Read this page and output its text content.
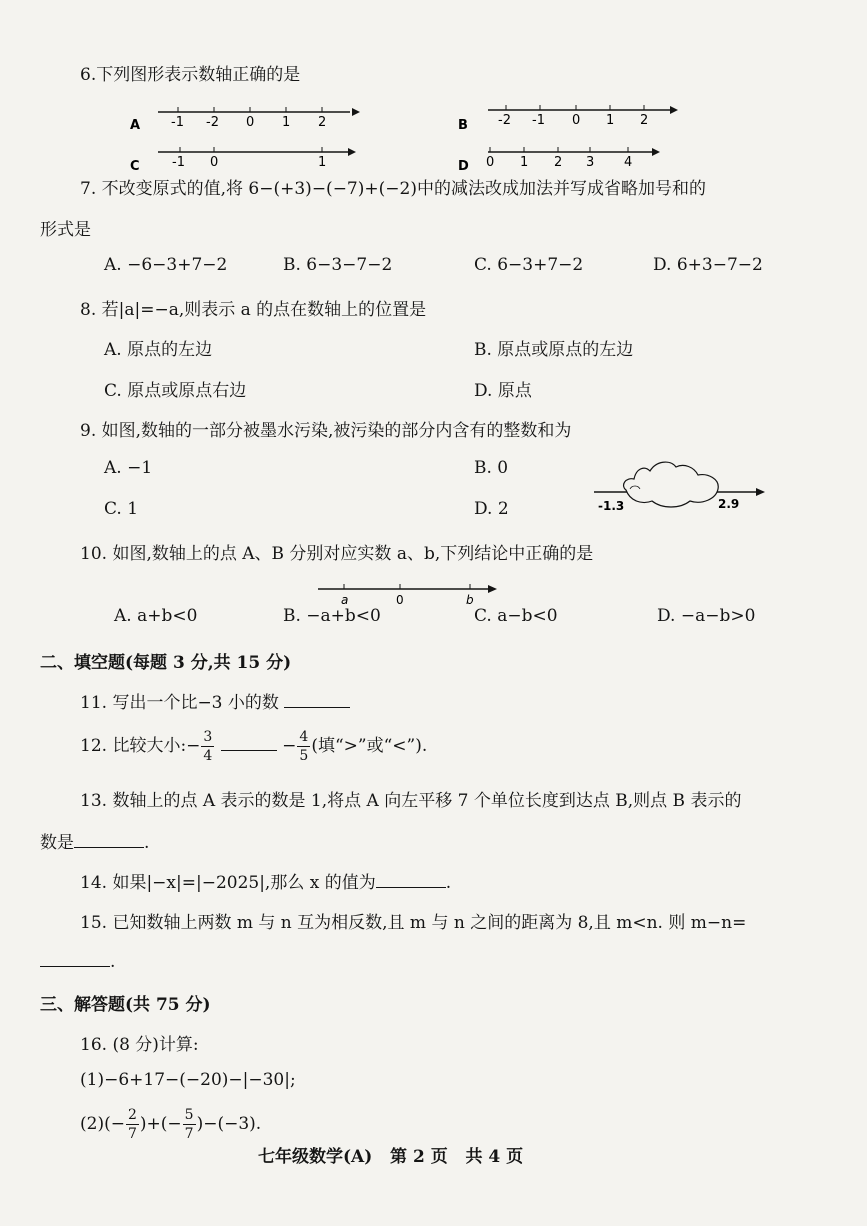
6.下列图形表示数轴正确的是
A -1 -2 0 1 2	B -2 -1 0 1 2
C -1 0	1	D 0 1 2 3 4
7. 不改变原式的值,将 6−(+3)−(−7)+(−2)中的减法改成加法并写成省略加号和的
形式是
A. −6−3+7−2	B. 6−3−7−2	C. 6−3+7−2	D. 6+3−7−2
8. 若|a|=−a,则表示 a 的点在数轴上的位置是
A. 原点的左边	B. 原点或原点的左边
C. 原点或原点右边	D. 原点
9. 如图,数轴的一部分被墨水污染,被污染的部分内含有的整数和为
A. −1	B. 0
C. 1	D. 2	-1.3	2.9
10. 如图,数轴上的点 A、B 分别对应实数 a、b,下列结论中正确的是
a	0	b
A. a+b<0	B. −a+b<0	C. a−b<0	D. −a−b>0
二、填空题(每题 3 分,共 15 分)
11. 写出一个比−3 小的数
12. 比较大小:− $\frac{3}{4}$	− $\frac{4}{5}$ (填“>”或“<”).
13. 数轴上的点 A 表示的数是 1,将点 A 向左平移 7 个单位长度到达点 B,则点 B 表示的
数是	.
14. 如果|−x|=|−2025|,那么 x 的值为	.
15. 已知数轴上两数 m 与 n 互为相反数,且 m 与 n 之间的距离为 8,且 m<n. 则 m−n=
.
三、解答题(共 75 分)
16. (8 分)计算:
(1)−6+17−(−20)−|−30|;
$(2)(- \frac{2}{7}$ )+(− $\frac{5}{7} )-(-3)$.
七年级数学(A)   第 2 页   共 4 页
